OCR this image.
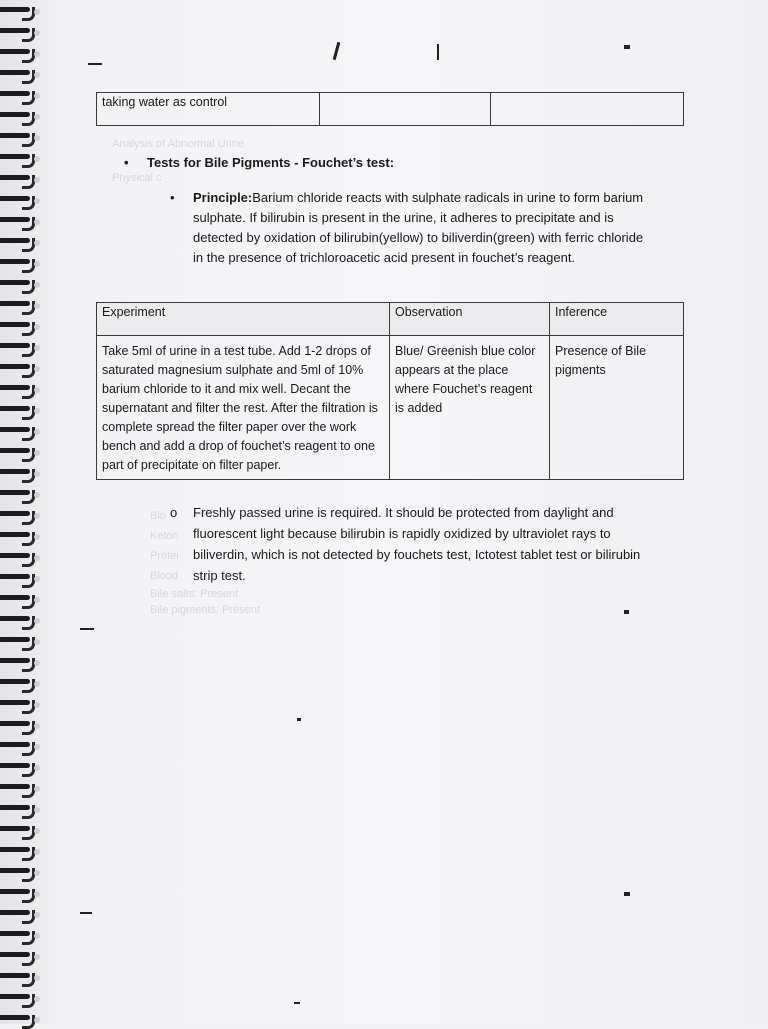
Analysis of Abnormal Urine
Physical c
Blo
Keton
Protei
Blood
Bile salts: Present
Bile pigments: Present
taking water as control		
• Tests for Bile Pigments - Fouchet’s test:
• Principle:Barium chloride reacts with sulphate radicals in urine to form barium sulphate. If bilirubin is present in the urine, it adheres to precipitate and is detected by oxidation of bilirubin(yellow) to biliverdin(green) with ferric chloride in the presence of trichloroacetic acid present in fouchet’s reagent.
Experiment	Observation	Inference
Take 5ml of urine in a test tube. Add 1-2 drops of saturated magnesium sulphate and 5ml of 10% barium chloride to it and mix well. Decant the supernatant and filter the rest. After the filtration is complete spread the filter paper over the work bench and add a drop of fouchet’s reagent to one part of precipitate on filter paper.	Blue/ Greenish blue color appears at the place where Fouchet’s reagent is added	Presence of Bile pigments
o Freshly passed urine is required. It should be protected from daylight and fluorescent light because bilirubin is rapidly oxidized by ultraviolet rays to biliverdin, which is not detected by fouchets test, Ictotest tablet test or bilirubin strip test.
